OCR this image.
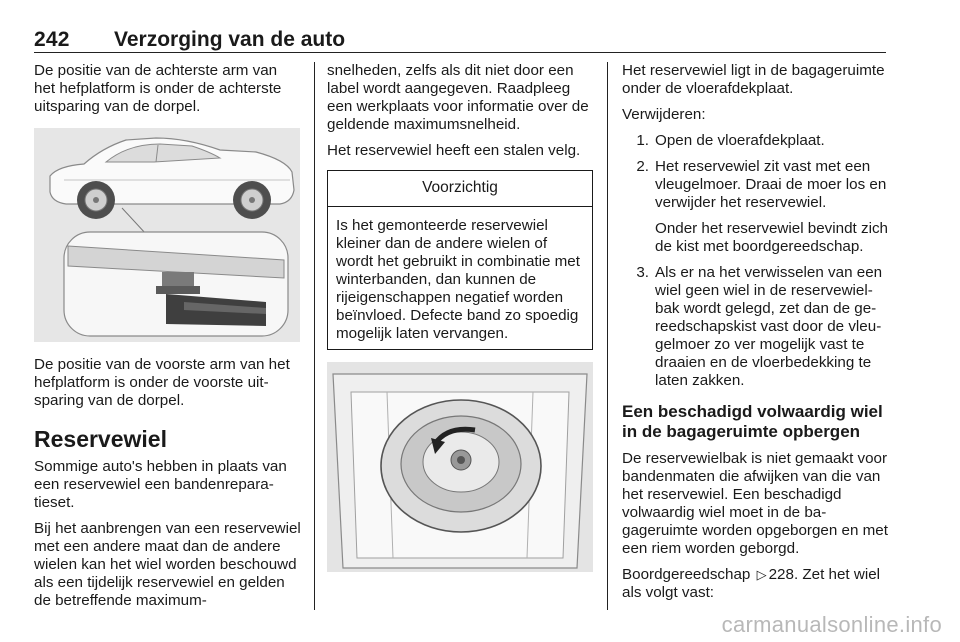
242 Verzorging van de auto

De positie van de achterste arm van het hefplatform is onder de achterste uitsparing van de dorpel.

De positie van de voorste arm van het hefplatform is onder de voorste uitsparing van de dorpel.

Reservewiel

Sommige auto's hebben in plaats van een reservewiel een bandenreparatieset.

Bij het aanbrengen van een reservewiel met een andere maat dan de andere wielen kan het wiel worden beschouwd als een tijdelijk reservewiel en gelden de betreffende maximum-

snelheden, zelfs als dit niet door een label wordt aangegeven. Raadpleeg een werkplaats voor informatie over de geldende maximumsnelheid.

Het reservewiel heeft een stalen velg.

Voorzichtig
Is het gemonteerde reservewiel kleiner dan de andere wielen of wordt het gebruikt in combinatie met winterbanden, dan kunnen de rijeigenschappen negatief worden beïnvloed. Defecte band zo spoedig mogelijk laten vervangen.

Het reservewiel ligt in de bagageruimte onder de vloerafdekplaat.

Verwijderen:

1. Open de vloerafdekplaat.

2. Het reservewiel zit vast met een vleugelmoer. Draai de moer los en verwijder het reservewiel.

Onder het reservewiel bevindt zich de kist met boordgereedschap.

3. Als er na het verwisselen van een wiel geen wiel in de reservewielbak wordt gelegd, zet dan de gereedschapskist vast door de vleugelmoer zo ver mogelijk vast te draaien en de vloerbedekking te laten zakken.

Een beschadigd volwaardig wiel in de bagageruimte opbergen

De reservewielbak is niet gemaakt voor bandenmaten die afwijken van die van het reservewiel. Een beschadigd volwaardig wiel moet in de bagageruimte worden opgeborgen en met een riem worden geborgd.

Boordgereedschap ▷ 228. Zet het wiel als volgt vast:

carmanualsonline.info
